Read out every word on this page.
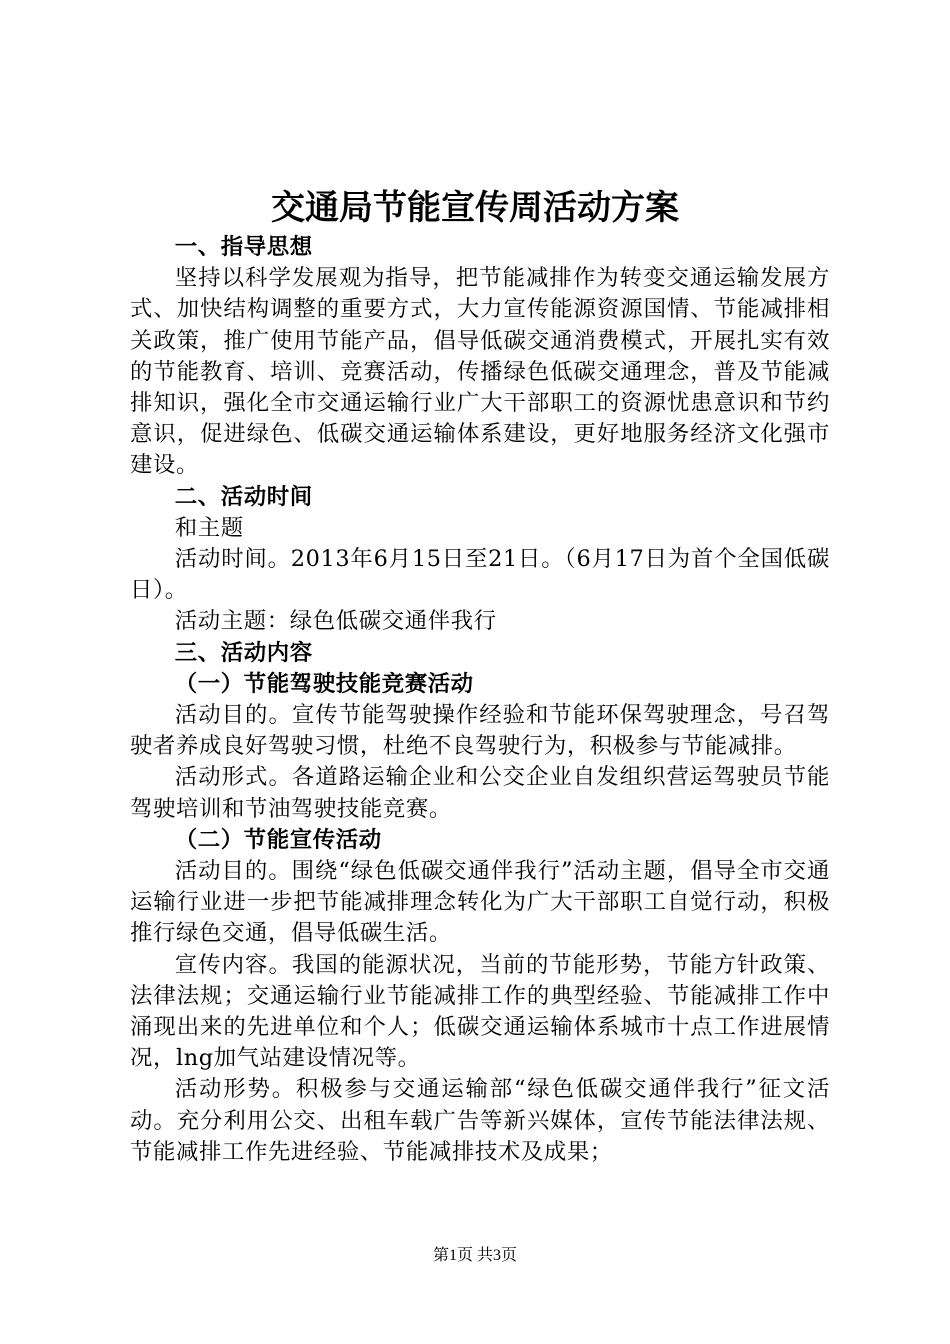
交通局节能宣传周活动方案

一、指导思想

坚持以科学发展观为指导，把节能减排作为转变交通运输发展方式、加快结构调整的重要方式，大力宣传能源资源国情、节能减排相关政策，推广使用节能产品，倡导低碳交通消费模式，开展扎实有效的节能教育、培训、竞赛活动，传播绿色低碳交通理念，普及节能减排知识，强化全市交通运输行业广大干部职工的资源忧患意识和节约意识，促进绿色、低碳交通运输体系建设，更好地服务经济文化强市建设。

二、活动时间

和主题

活动时间。2013年6月15日至21日。（6月17日为首个全国低碳日）。

活动主题：绿色低碳交通伴我行

三、活动内容

（一）节能驾驶技能竞赛活动

活动目的。宣传节能驾驶操作经验和节能环保驾驶理念，号召驾驶者养成良好驾驶习惯，杜绝不良驾驶行为，积极参与节能减排。

活动形式。各道路运输企业和公交企业自发组织营运驾驶员节能驾驶培训和节油驾驶技能竞赛。

（二）节能宣传活动

活动目的。围绕“绿色低碳交通伴我行”活动主题，倡导全市交通运输行业进一步把节能减排理念转化为广大干部职工自觉行动，积极推行绿色交通，倡导低碳生活。

宣传内容。我国的能源状况，当前的节能形势，节能方针政策、法律法规；交通运输行业节能减排工作的典型经验、节能减排工作中涌现出来的先进单位和个人；低碳交通运输体系城市十点工作进展情况，lng加气站建设情况等。

活动形势。积极参与交通运输部“绿色低碳交通伴我行”征文活动。充分利用公交、出租车载广告等新兴媒体，宣传节能法律法规、节能减排工作先进经验、节能减排技术及成果；

第1页 共3页
